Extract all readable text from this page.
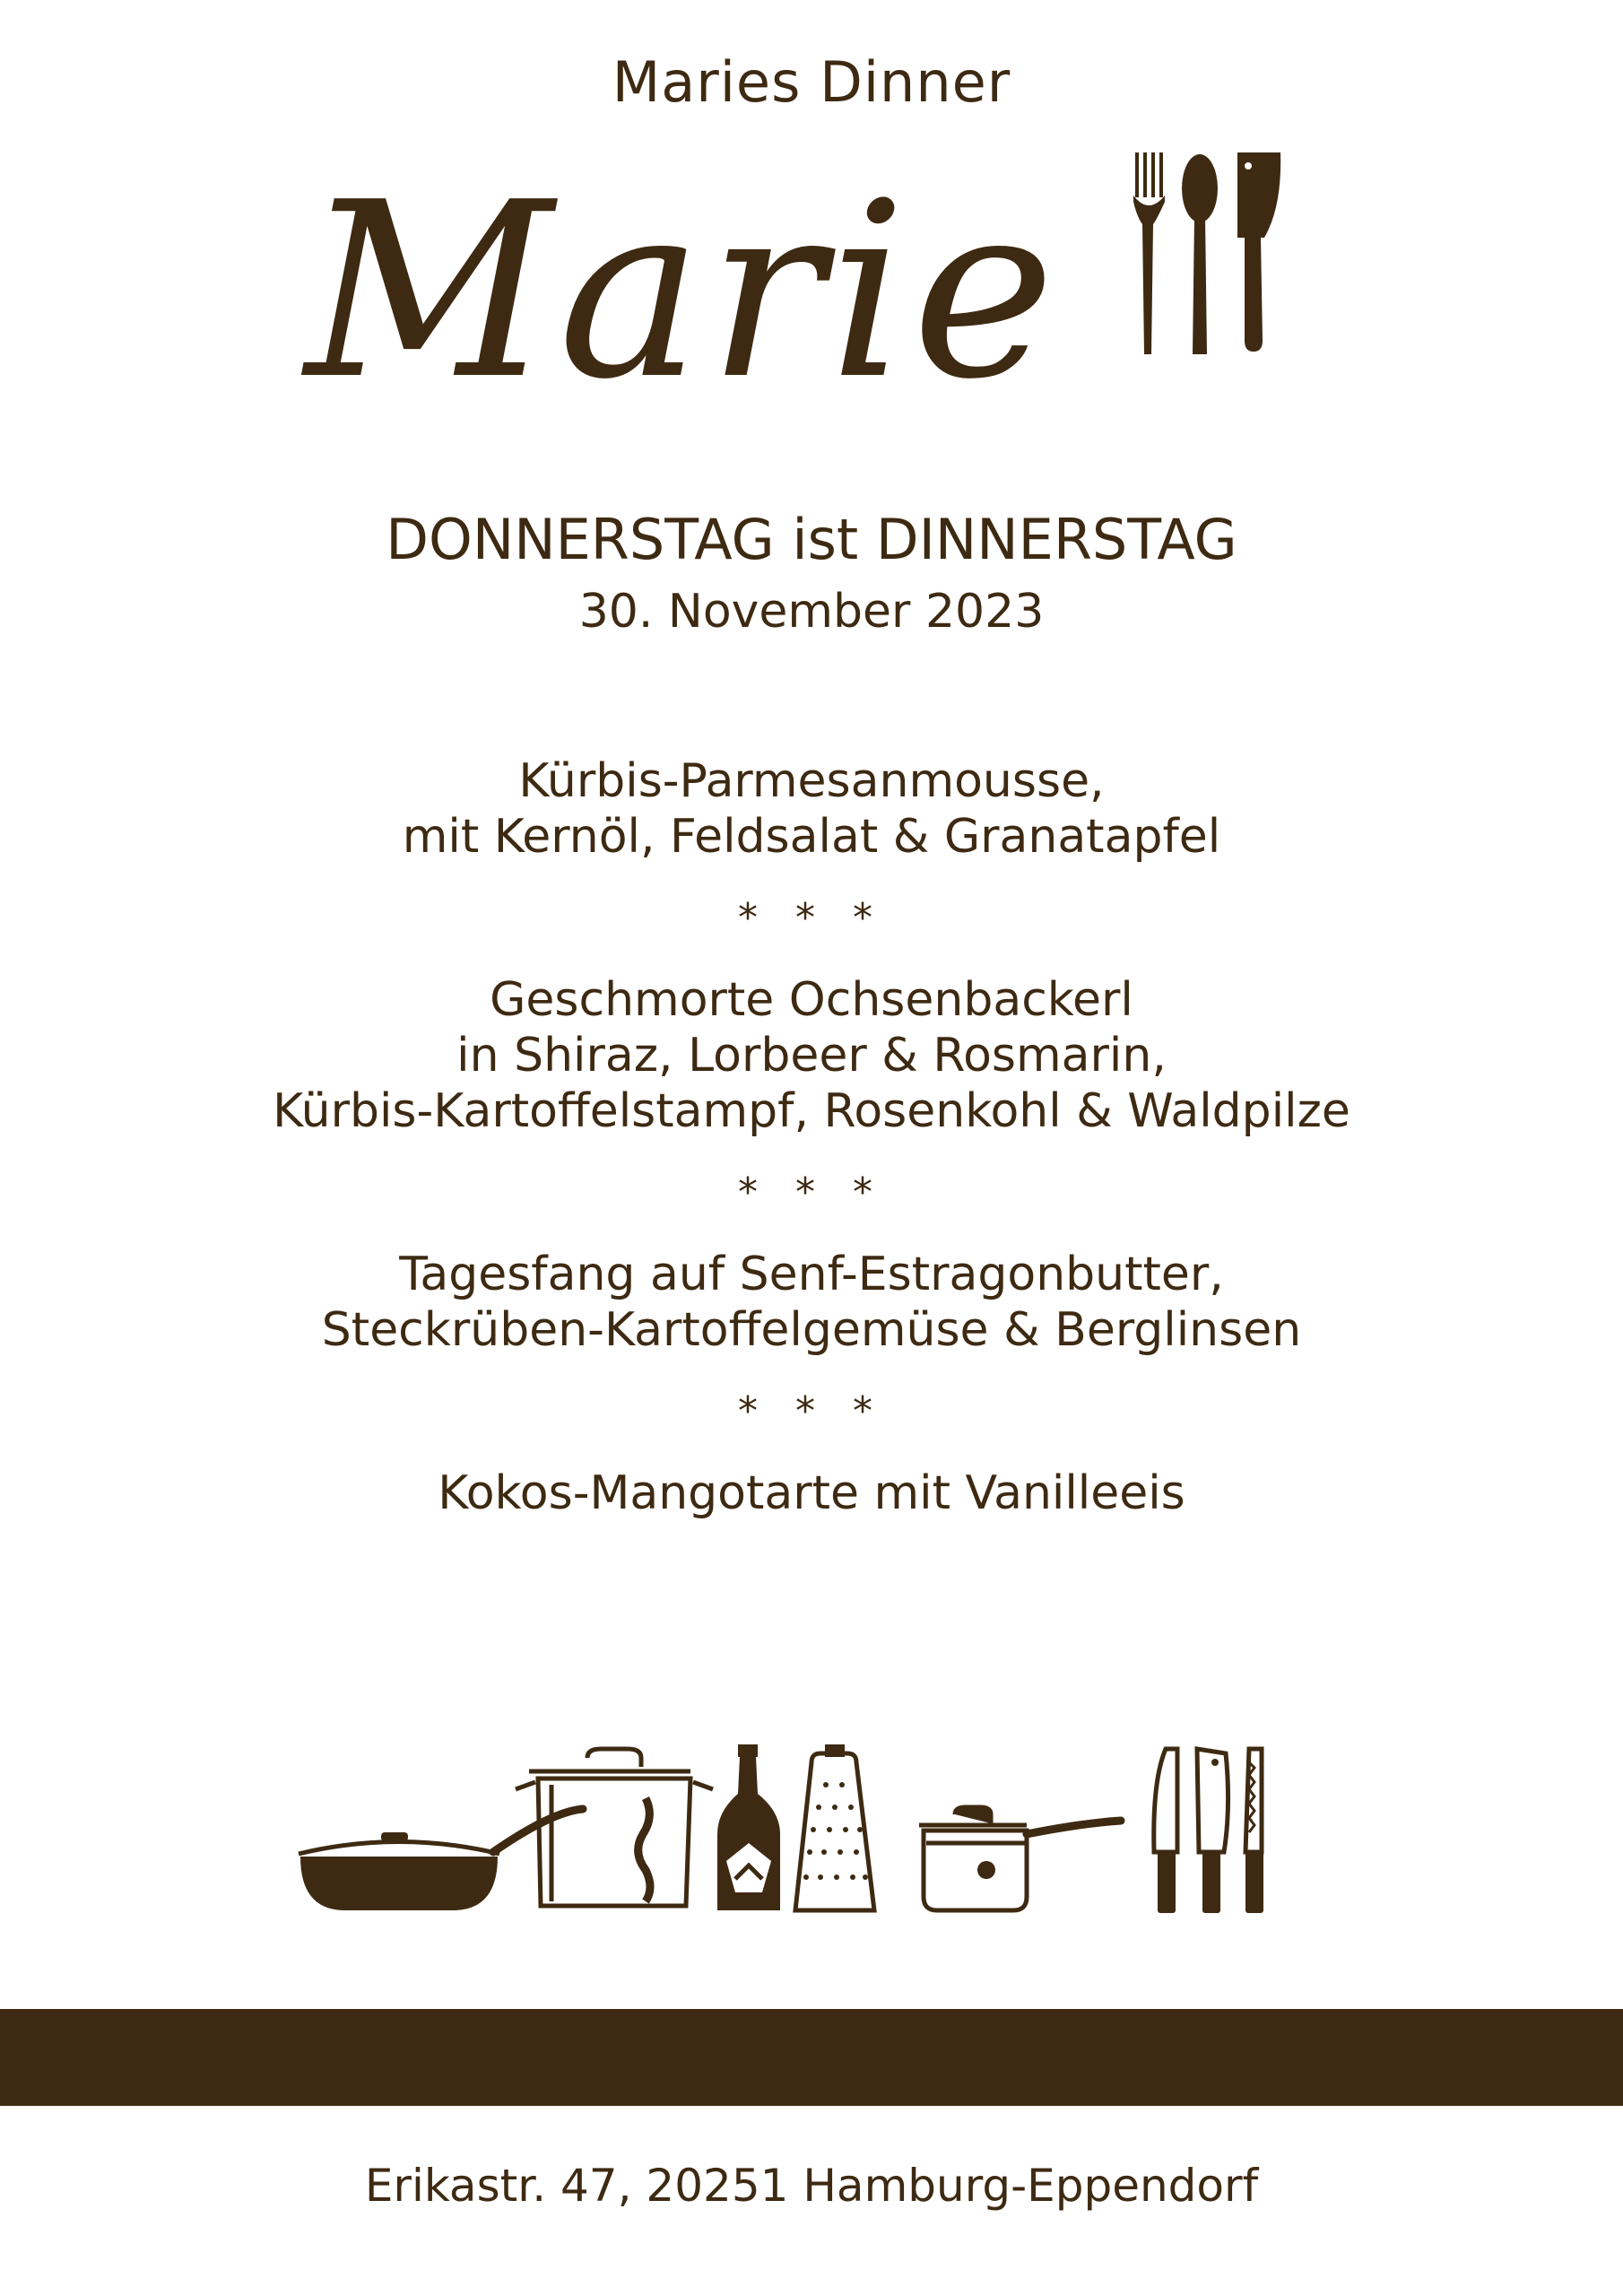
Maries Dinner
Marie
DONNERSTAG ist DINNERSTAG
30. November 2023
Kürbis-Parmesanmousse,
mit Kernöl, Feldsalat & Granatapfel
* * *
Geschmorte Ochsenbackerl
in Shiraz, Lorbeer & Rosmarin,
Kürbis-Kartoffelstampf, Rosenkohl & Waldpilze
* * *
Tagesfang auf Senf-Estragonbutter,
Steckrüben-Kartoffelgemüse & Berglinsen
* * *
Kokos-Mangotarte mit Vanilleeis
Erikastr. 47, 20251 Hamburg-Eppendorf
